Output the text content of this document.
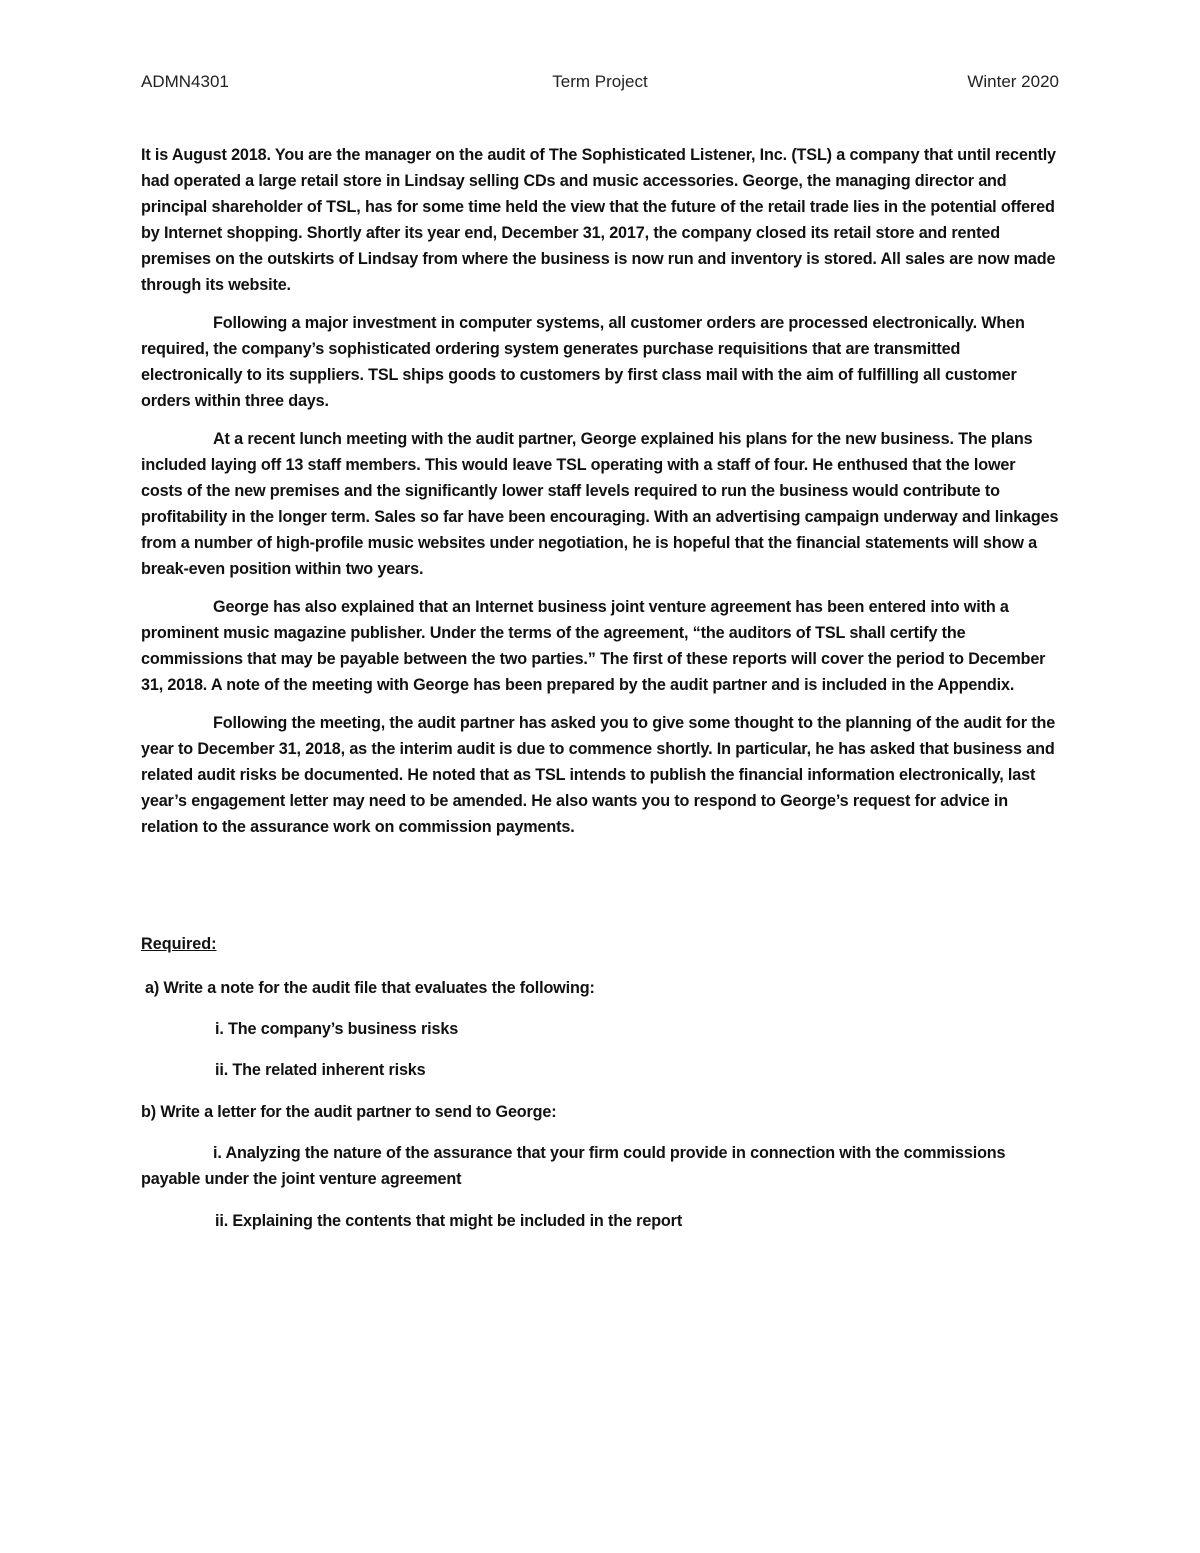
ADMN4301	Term Project	Winter 2020

It is August 2018. You are the manager on the audit of The Sophisticated Listener, Inc. (TSL) a company that until recently had operated a large retail store in Lindsay selling CDs and music accessories. George, the managing director and principal shareholder of TSL, has for some time held the view that the future of the retail trade lies in the potential offered by Internet shopping. Shortly after its year end, December 31, 2017, the company closed its retail store and rented premises on the outskirts of Lindsay from where the business is now run and inventory is stored. All sales are now made through its website.

Following a major investment in computer systems, all customer orders are processed electronically. When required, the company’s sophisticated ordering system generates purchase requisitions that are transmitted electronically to its suppliers. TSL ships goods to customers by first class mail with the aim of fulfilling all customer orders within three days.

At a recent lunch meeting with the audit partner, George explained his plans for the new business. The plans included laying off 13 staff members. This would leave TSL operating with a staff of four. He enthused that the lower costs of the new premises and the significantly lower staff levels required to run the business would contribute to profitability in the longer term. Sales so far have been encouraging. With an advertising campaign underway and linkages from a number of high-profile music websites under negotiation, he is hopeful that the financial statements will show a break-even position within two years.

George has also explained that an Internet business joint venture agreement has been entered into with a prominent music magazine publisher. Under the terms of the agreement, “the auditors of TSL shall certify the commissions that may be payable between the two parties.” The first of these reports will cover the period to December 31, 2018. A note of the meeting with George has been prepared by the audit partner and is included in the Appendix.

Following the meeting, the audit partner has asked you to give some thought to the planning of the audit for the year to December 31, 2018, as the interim audit is due to commence shortly. In particular, he has asked that business and related audit risks be documented. He noted that as TSL intends to publish the financial information electronically, last year’s engagement letter may need to be amended. He also wants you to respond to George’s request for advice in relation to the assurance work on commission payments.

Required:
a) Write a note for the audit file that evaluates the following:
i. The company’s business risks
ii. The related inherent risks
b) Write a letter for the audit partner to send to George:
i. Analyzing the nature of the assurance that your firm could provide in connection with the commissions payable under the joint venture agreement
ii. Explaining the contents that might be included in the report
